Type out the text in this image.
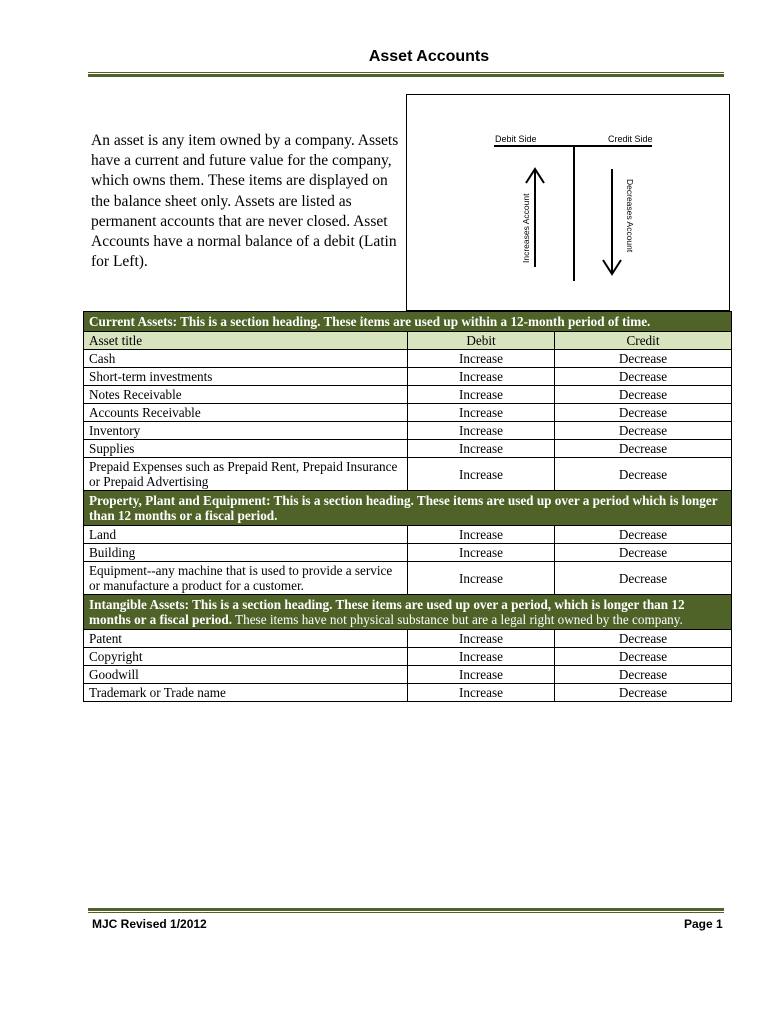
Asset Accounts
An asset is any item owned by a company. Assets have a current and future value for the company, which owns them. These items are displayed on the balance sheet only. Assets are listed as permanent accounts that are never closed. Asset Accounts have a normal balance of a debit (Latin for Left).
Debit Side	Credit Side
Increases Account	Decreases Account
Current Assets: This is a section heading. These items are used up within a 12-month period of time.		
Asset title	Debit	Credit
Cash	Increase	Decrease
Short-term investments	Increase	Decrease
Notes Receivable	Increase	Decrease
Accounts Receivable	Increase	Decrease
Inventory	Increase	Decrease
Supplies	Increase	Decrease
Prepaid Expenses such as Prepaid Rent, Prepaid Insurance or Prepaid Advertising	Increase	Decrease
Property, Plant and Equipment: This is a section heading. These items are used up over a period which is longer than 12 months or a fiscal period.		
Land	Increase	Decrease
Building	Increase	Decrease
Equipment--any machine that is used to provide a service or manufacture a product for a customer.	Increase	Decrease
Intangible Assets: This is a section heading. These items are used up over a period, which is longer than 12 months or a fiscal period. These items have not physical substance but are a legal right owned by the company.		
Patent	Increase	Decrease
Copyright	Increase	Decrease
Goodwill	Increase	Decrease
Trademark or Trade name	Increase	Decrease
MJC Revised 1/2012	Page 1
